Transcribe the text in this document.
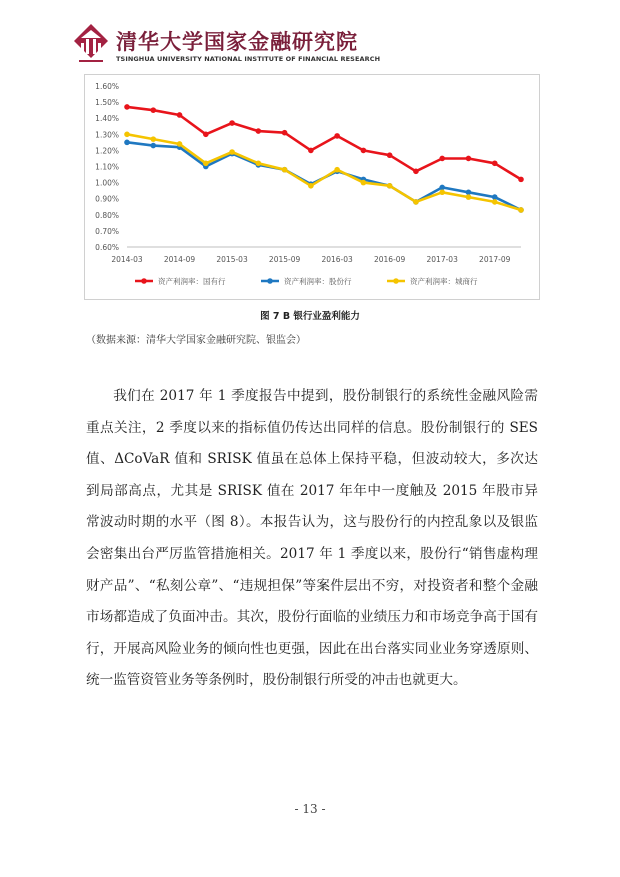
清华大学国家金融研究院
TSINGHUA UNIVERSITY NATIONAL INSTITUTE OF FINANCIAL RESEARCH
0.60%
0.70%
0.80%
0.90%
1.00%
1.10%
1.20%
1.30%
1.40%
1.50%
1.60%
2014-03	2014-09	2015-03	2015-09	2016-03	2016-09	2017-03	2017-09
资产利润率：国有行	资产利润率：股份行	资产利润率：城商行
图 7 B 银行业盈利能力
（数据来源：清华大学国家金融研究院、银监会）

我们在 2017 年 1 季度报告中提到，股份制银行的系统性金融风险需重点关注，2 季度以来的指标值仍传达出同样的信息。股份制银行的 SES 值、ΔCoVaR 值和 SRISK 值虽在总体上保持平稳，但波动较大，多次达到局部高点，尤其是 SRISK 值在 2017 年年中一度触及 2015 年股市异常波动时期的水平（图 8）。本报告认为，这与股份行的内控乱象以及银监会密集出台严厉监管措施相关。2017 年 1 季度以来，股份行“销售虚构理财产品”、“私刻公章”、“违规担保”等案件层出不穷，对投资者和整个金融市场都造成了负面冲击。其次，股份行面临的业绩压力和市场竞争高于国有行，开展高风险业务的倾向性也更强，因此在出台落实同业业务穿透原则、统一监管资管业务等条例时，股份制银行所受的冲击也就更大。

- 13 -
